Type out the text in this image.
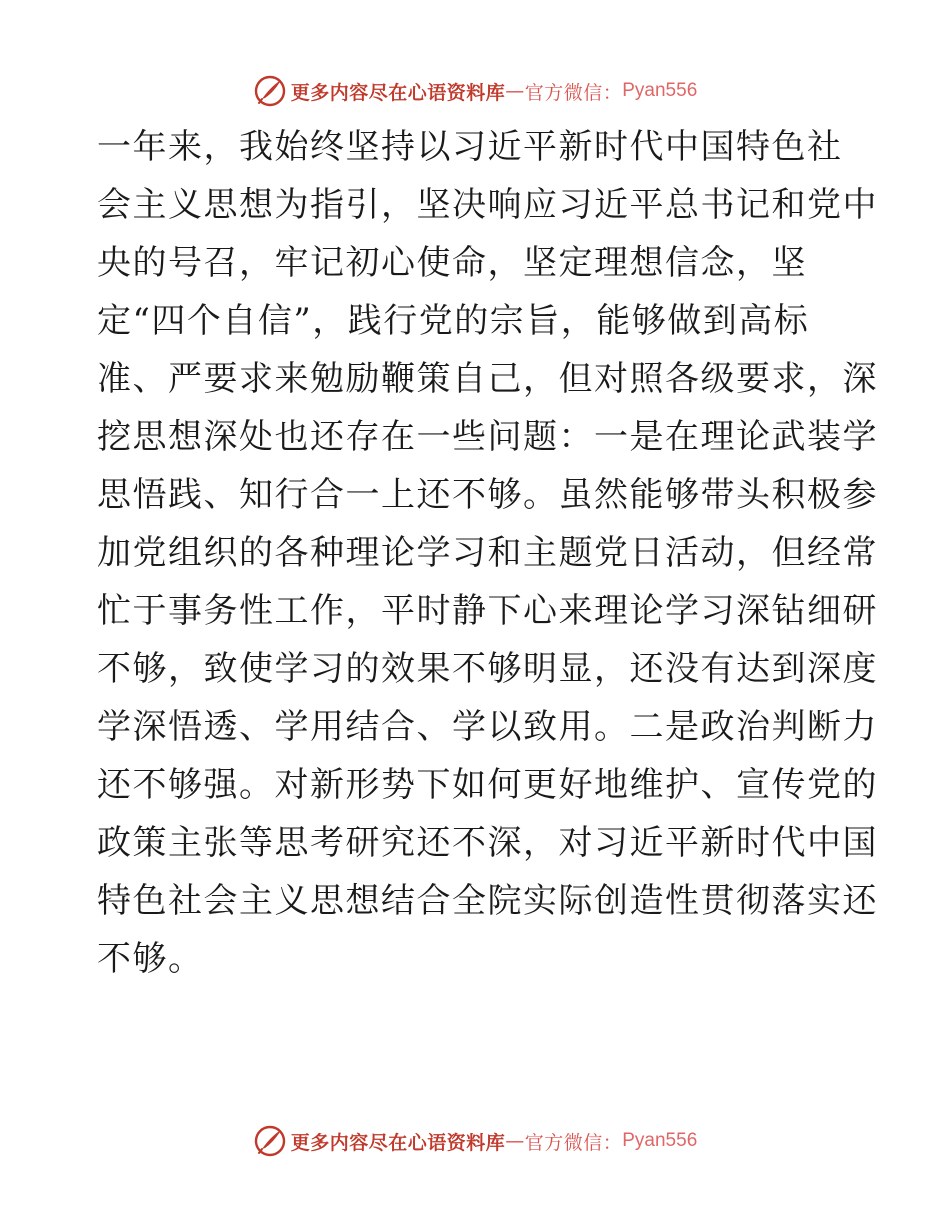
更多内容尽在心语资料库 — 官方微信： Pyan556
一年来，我始终坚持以习近平新时代中国特色社
会主义思想为指引，坚决响应习近平总书记和党中
央的号召，牢记初心使命，坚定理想信念，坚
定“四个自信”，践行党的宗旨，能够做到高标
准、严要求来勉励鞭策自己，但对照各级要求，深
挖思想深处也还存在一些问题：一是在理论武装学
思悟践、知行合一上还不够。虽然能够带头积极参
加党组织的各种理论学习和主题党日活动，但经常
忙于事务性工作，平时静下心来理论学习深钻细研
不够，致使学习的效果不够明显，还没有达到深度
学深悟透、学用结合、学以致用。二是政治判断力
还不够强。对新形势下如何更好地维护、宣传党的
政策主张等思考研究还不深，对习近平新时代中国
特色社会主义思想结合全院实际创造性贯彻落实还
不够。
更多内容尽在心语资料库 — 官方微信： Pyan556
